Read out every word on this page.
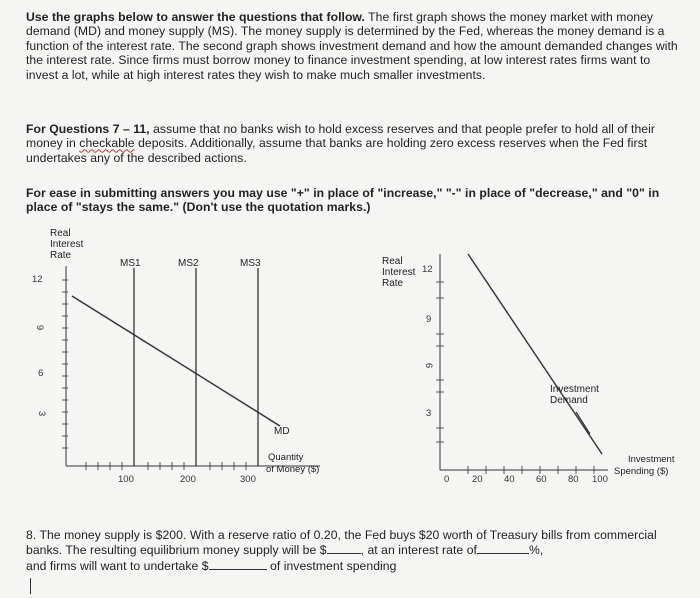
Use the graphs below to answer the questions that follow. The first graph shows the money market with money demand (MD) and money supply (MS). The money supply is determined by the Fed, whereas the money demand is a function of the interest rate. The second graph shows investment demand and how the amount demanded changes with the interest rate. Since firms must borrow money to finance investment spending, at low interest rates firms want to invest a lot, while at high interest rates they wish to make much smaller investments.
For Questions 7 – 11, assume that no banks wish to hold excess reserves and that people prefer to hold all of their money in checkable deposits. Additionally, assume that banks are holding zero excess reserves when the Fed first undertakes any of the described actions.
For ease in submitting answers you may use "+" in place of "increase," "-" in place of "decrease," and "0" in place of "stays the same." (Don't use the quotation marks.)
Real
Interest
Rate
MS1	MS2	MS3
12
9
6
3
MD
100	200	300
Quantity
of Money ($)
Real
Interest
Rate
12
9
6
3
Investment
Demand
0 20 40 60 80 100
Investment
Spending ($)
8. The money supply is $200. With a reserve ratio of 0.20, the Fed buys $20 worth of Treasury bills from commercial banks. The resulting equilibrium money supply will be $	, at an interest rate of	%,
and firms will want to undertake $	of investment spending
